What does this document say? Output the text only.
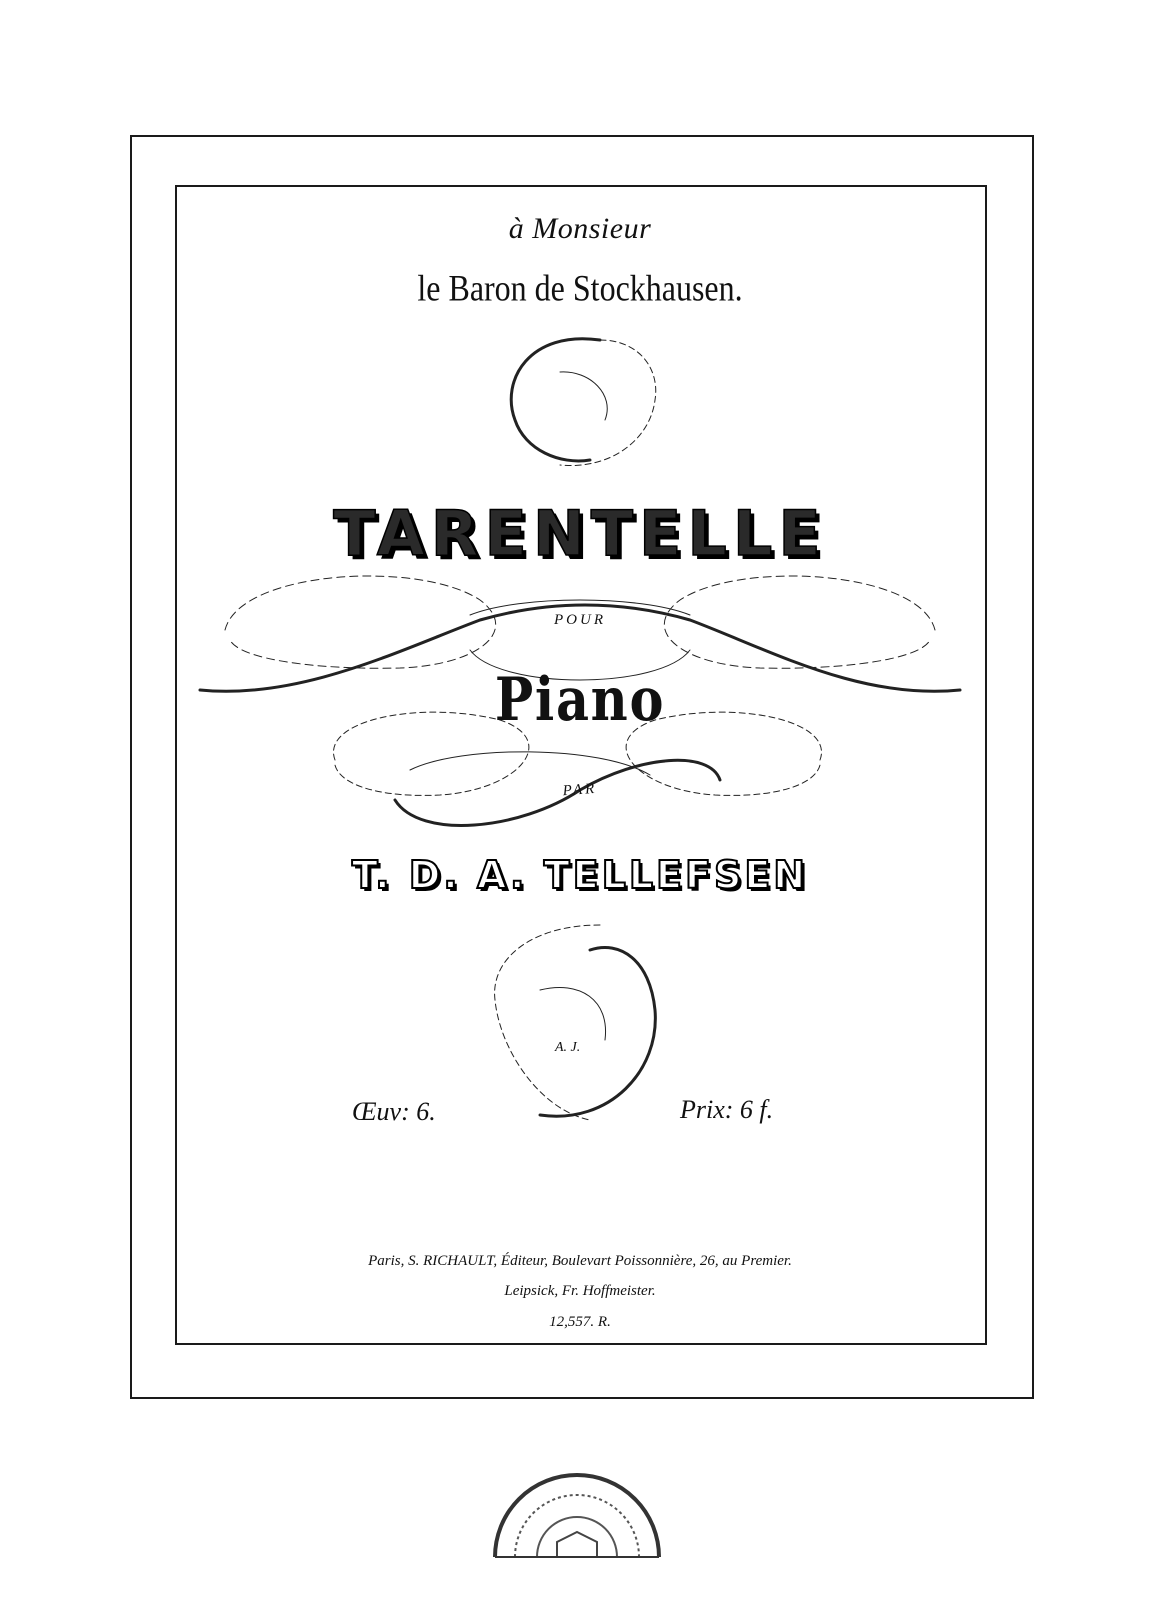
à Monsieur
le Baron de Stockhausen.
TARENTELLE
POUR
Piano
PAR
T. D. A. TELLEFSEN
A. J.
Œuv: 6.	Prix: 6 f.
Paris, S. RICHAULT, Éditeur, Boulevart Poissonnière, 26, au Premier.
Leipsick, Fr. Hoffmeister.
12,557. R.
